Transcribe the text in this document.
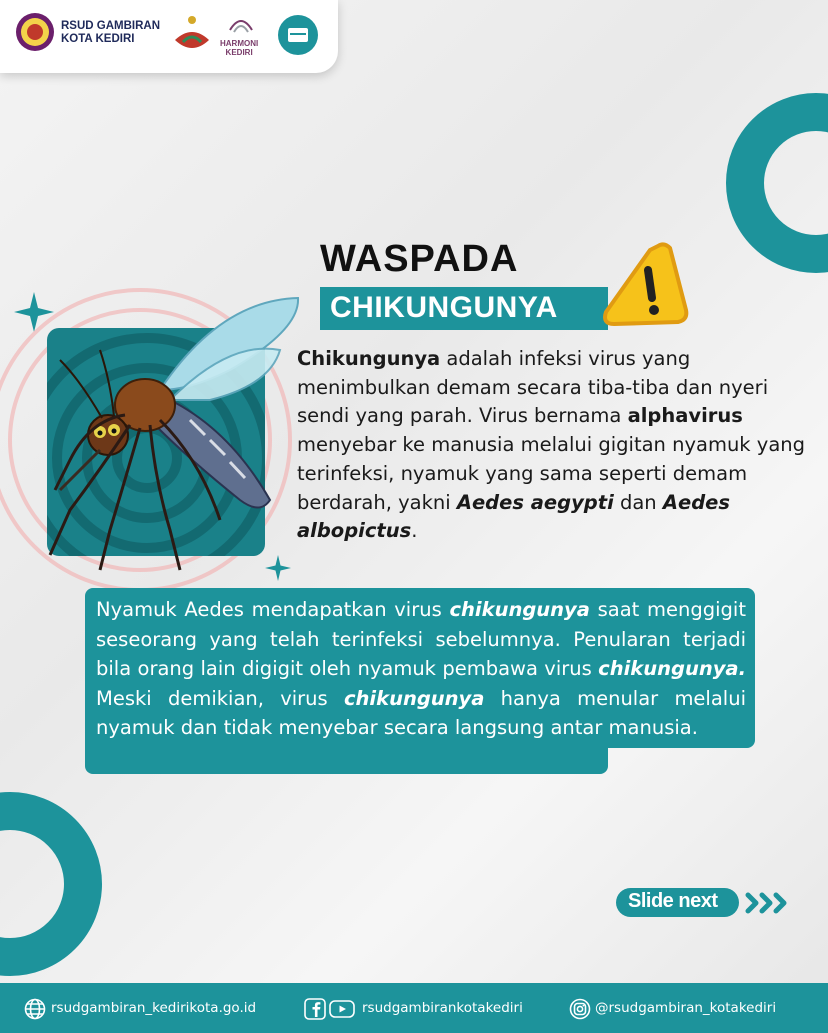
RSUD GAMBIRAN
KOTA KEDIRI	HARMONI
KEDIRI
WASPADA
CHIKUNGUNYA
Chikungunya adalah infeksi virus yang menimbulkan demam secara tiba-tiba dan nyeri sendi yang parah. Virus bernama alphavirus menyebar ke manusia melalui gigitan nyamuk yang terinfeksi, nyamuk yang sama seperti demam berdarah, yakni Aedes aegypti dan Aedes albopictus.
Nyamuk Aedes mendapatkan virus chikungunya saat menggigit seseorang yang telah terinfeksi sebelumnya. Penularan terjadi bila orang lain digigit oleh nyamuk pembawa virus chikungunya. Meski demikian, virus chikungunya hanya menular melalui nyamuk dan tidak menyebar secara langsung antar manusia.
Slide next
rsudgambiran_kedirikota.go.id	rsudgambirankotakediri	@rsudgambiran_kotakediri
